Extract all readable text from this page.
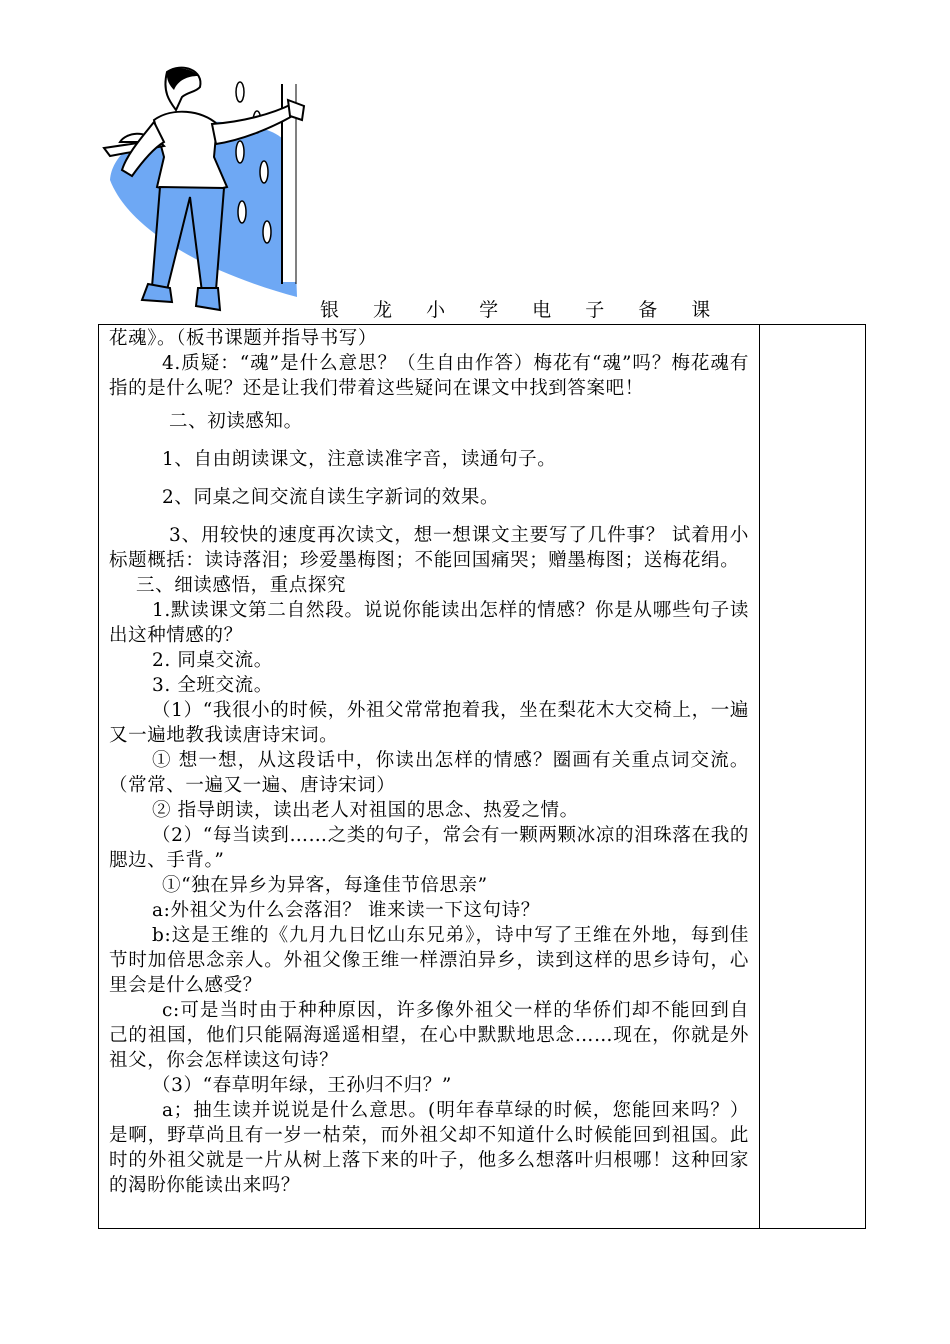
银 龙 小 学 电 子 备 课

花魂》。（板书课题并指导书写）

4.质疑：“魂”是什么意思？（生自由作答）梅花有“魂”吗？梅花魂有指的是什么呢？还是让我们带着这些疑问在课文中找到答案吧！

二、初读感知。

1、自由朗读课文，注意读准字音，读通句子。

2、同桌之间交流自读生字新词的效果。

3、用较快的速度再次读文，想一想课文主要写了几件事？ 试着用小标题概括：读诗落泪；珍爱墨梅图；不能回国痛哭；赠墨梅图；送梅花绢。

三、细读感悟，重点探究

1.默读课文第二自然段。说说你能读出怎样的情感？你是从哪些句子读出这种情感的？

2. 同桌交流。

3. 全班交流。

（1）“我很小的时候，外祖父常常抱着我，坐在梨花木大交椅上，一遍又一遍地教我读唐诗宋词。

① 想一想，从这段话中，你读出怎样的情感？圈画有关重点词交流。（常常、一遍又一遍、唐诗宋词）

② 指导朗读，读出老人对祖国的思念、热爱之情。

（2）“每当读到……之类的句子，常会有一颗两颗冰凉的泪珠落在我的腮边、手背。”

①“独在异乡为异客，每逢佳节倍思亲”

a:外祖父为什么会落泪？ 谁来读一下这句诗？

b:这是王维的《九月九日忆山东兄弟》，诗中写了王维在外地，每到佳节时加倍思念亲人。外祖父像王维一样漂泊异乡，读到这样的思乡诗句，心里会是什么感受？

c:可是当时由于种种原因，许多像外祖父一样的华侨们却不能回到自己的祖国，他们只能隔海遥遥相望，在心中默默地思念……现在，你就是外祖父，你会怎样读这句诗？

（3）“春草明年绿，王孙归不归？”

a；抽生读并说说是什么意思。(明年春草绿的时候，您能回来吗？）是啊，野草尚且有一岁一枯荣，而外祖父却不知道什么时候能回到祖国。此时的外祖父就是一片从树上落下来的叶子，他多么想落叶归根哪！这种回家的渴盼你能读出来吗？
